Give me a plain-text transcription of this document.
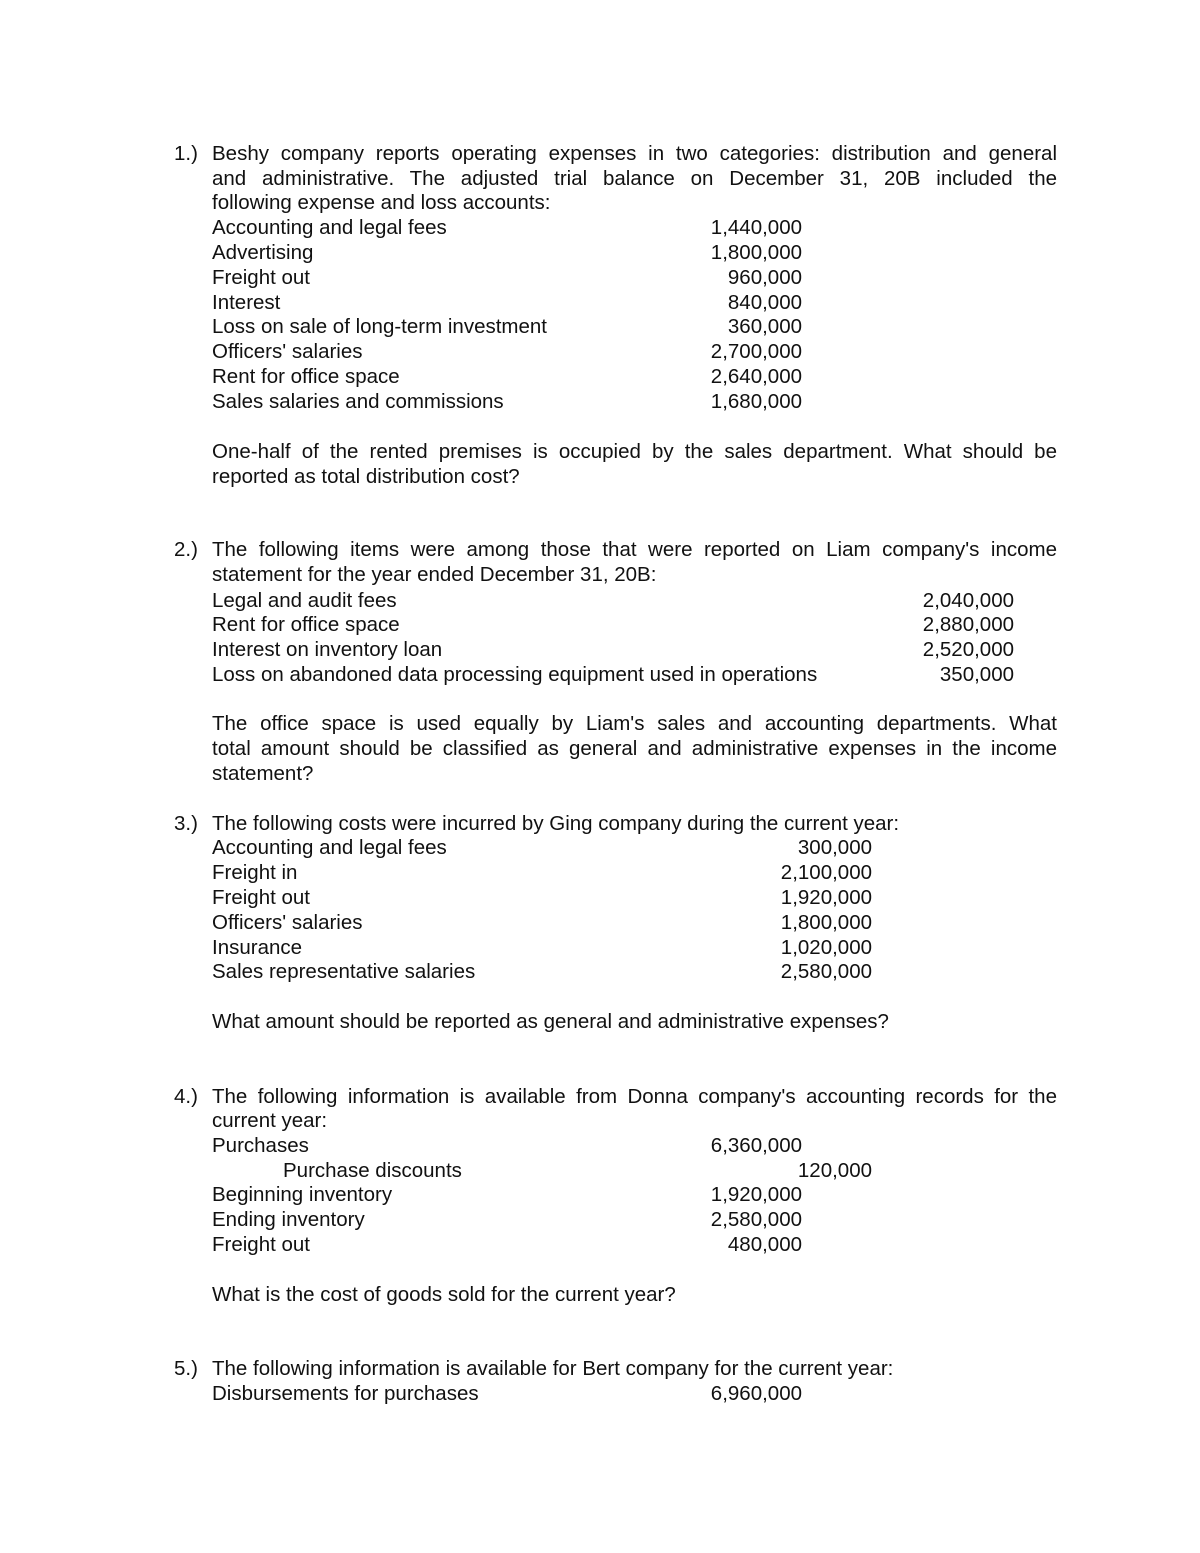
1.) Beshy company reports operating expenses in two categories: distribution and general
and administrative. The adjusted trial balance on December 31, 20B included the
following expense and loss accounts:
Accounting and legal fees	1,440,000
Advertising	1,800,000
Freight out	960,000
Interest	840,000
Loss on sale of long-term investment	360,000
Officers' salaries	2,700,000
Rent for office space	2,640,000
Sales salaries and commissions	1,680,000
One-half of the rented premises is occupied by the sales department. What should be
reported as total distribution cost?
2.) The following items were among those that were reported on Liam company's income
statement for the year ended December 31, 20B:
Legal and audit fees	2,040,000
Rent for office space	2,880,000
Interest on inventory loan	2,520,000
Loss on abandoned data processing equipment used in operations	350,000
The office space is used equally by Liam's sales and accounting departments. What
total amount should be classified as general and administrative expenses in the income
statement?
3.) The following costs were incurred by Ging company during the current year:
Accounting and legal fees	300,000
Freight in	2,100,000
Freight out	1,920,000
Officers' salaries	1,800,000
Insurance	1,020,000
Sales representative salaries	2,580,000
What amount should be reported as general and administrative expenses?
4.) The following information is available from Donna company's accounting records for the
current year:
Purchases	6,360,000
Purchase discounts	120,000
Beginning inventory	1,920,000
Ending inventory	2,580,000
Freight out	480,000
What is the cost of goods sold for the current year?
5.) The following information is available for Bert company for the current year:
Disbursements for purchases	6,960,000
